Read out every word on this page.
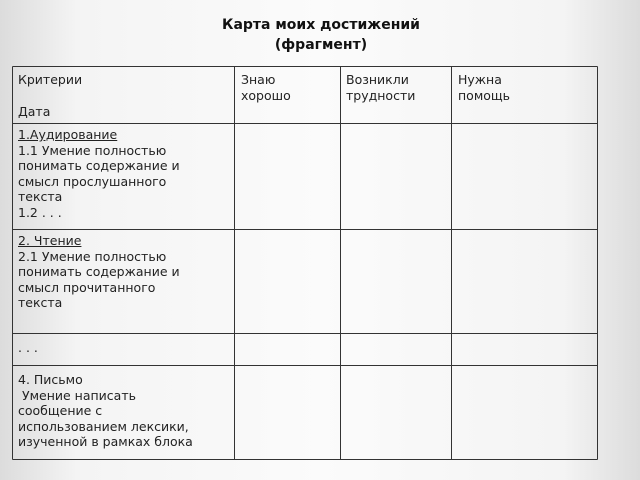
Карта моих достижений
(фрагмент)
Критерии
Дата
Знаю
хорошо
Возникли
трудности
Нужна
помощь
1.Аудирование
1.1 Умение полностью
понимать содержание и
смысл прослушанного
текста
1.2 . . .
2. Чтение
2.1 Умение полностью
понимать содержание и
смысл прочитанного
текста
. . .
4. Письмо
Умение написать
сообщение с
использованием лексики,
изученной в рамках блока
